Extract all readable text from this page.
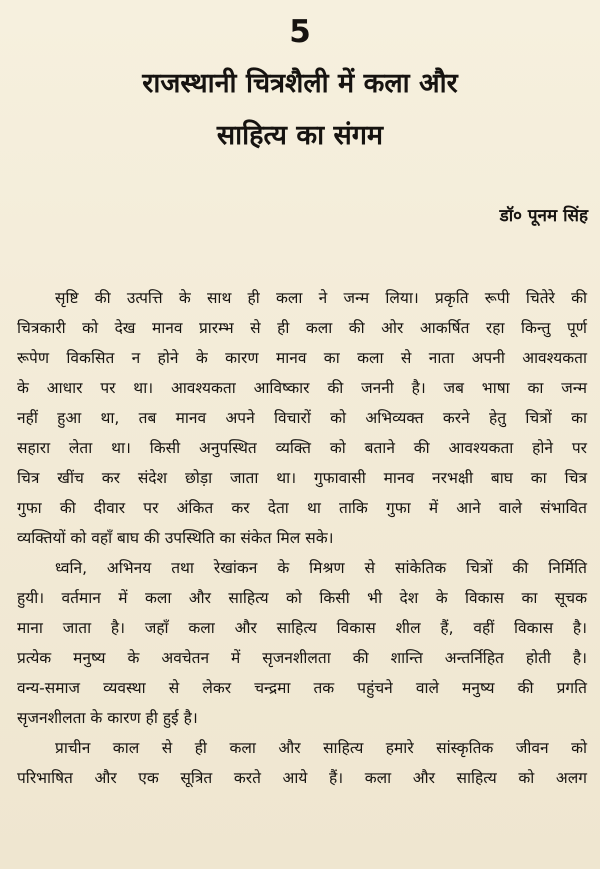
5
राजस्थानी चित्रशैली में कला और
साहित्य का संगम
डॉ० पूनम सिंह
सृष्टि की उत्पत्ति के साथ ही कला ने जन्म लिया। प्रकृति रूपी चितेरे की
चित्रकारी को देख मानव प्रारम्भ से ही कला की ओर आकर्षित रहा किन्तु पूर्ण
रूपेण विकसित न होने के कारण मानव का कला से नाता अपनी आवश्यकता
के आधार पर था। आवश्यकता आविष्कार की जननी है। जब भाषा का जन्म
नहीं हुआ था, तब मानव अपने विचारों को अभिव्यक्त करने हेतु चित्रों का
सहारा लेता था। किसी अनुपस्थित व्यक्ति को बताने की आवश्यकता होने पर
चित्र खींच कर संदेश छोड़ा जाता था। गुफावासी मानव नरभक्षी बाघ का चित्र
गुफा की दीवार पर अंकित कर देता था ताकि गुफा में आने वाले संभावित
व्यक्तियों को वहाँ बाघ की उपस्थिति का संकेत मिल सके।
ध्वनि, अभिनय तथा रेखांकन के मिश्रण से सांकेतिक चित्रों की निर्मिति
हुयी। वर्तमान में कला और साहित्य को किसी भी देश के विकास का सूचक
माना जाता है। जहाँ कला और साहित्य विकास शील हैं, वहीं विकास है।
प्रत्येक मनुष्य के अवचेतन में सृजनशीलता की शान्ति अन्तर्निहित होती है।
वन्य-समाज व्यवस्था से लेकर चन्द्रमा तक पहुंचने वाले मनुष्य की प्रगति
सृजनशीलता के कारण ही हुई है।
प्राचीन काल से ही कला और साहित्य हमारे सांस्कृतिक जीवन को
परिभाषित और एक सूत्रित करते आये हैं। कला और साहित्य को अलग
